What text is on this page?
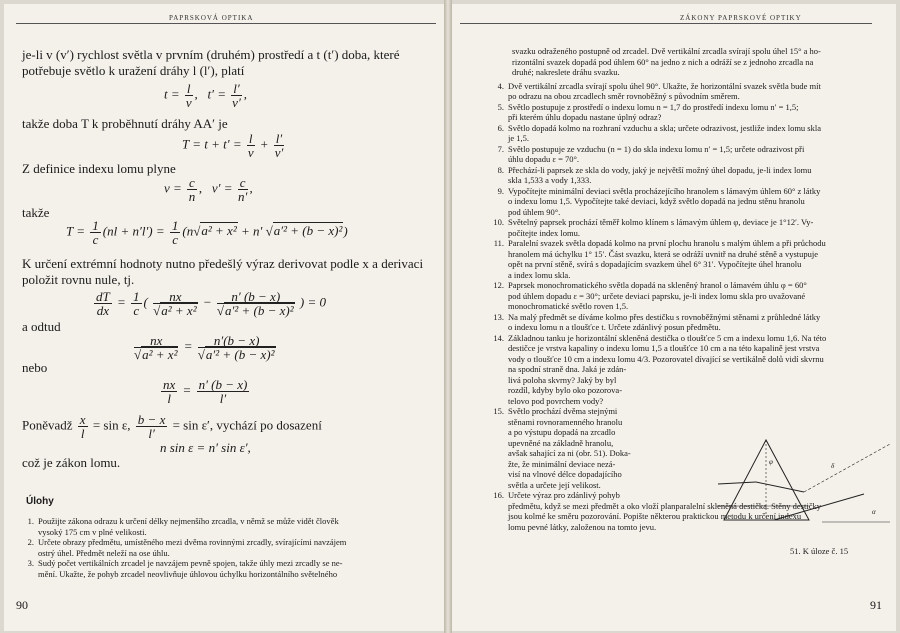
PAPRSKOVÁ OPTIKA
je-li v (v′) rychlost světla v prvním (druhém) prostředí a t (t′) doba, které
potřebuje světlo k uražení dráhy l (l′), platí
$t = \frac{l}{v}$ ,   $t' = \frac{l'}{v'}$ ,
takže doba T k proběhnutí dráhy AA′ je
$T = t + t' = \frac{l}{v} + \frac{l'}{v'}$
Z definice indexu lomu plyne
$v = \frac{c}{n}$ ,   $v' = \frac{c}{n'}$ ,
takže
$T = \frac{1}{c} (nl + n'l') = \frac{1}{c} (n√a^2 + x^2 + n'$ √a′² + (b − x)²)
K určení extrémní hodnoty nutno předešlý výraz derivovat podle x a derivaci
položit rovnu nule, tj.
$\frac{dT}{dx} = \frac{1}{c}$ ( $\frac{nx}{\text{√a² + x²}} - \frac{n' (b - x)}{\text{√a′² + (b − x)²}}$ ) = 0
a odtud
$\frac{nx}{\text{√a² + x²}} = \frac{n'(b - x)}{\text{√a′² + (b − x)²}}$
nebo
$\frac{nx}{l} = \frac{n' (b - x)}{l'}$
Poněvadž $\frac{x}{l} = \sin \varepsilon$, $\frac{b - x}{l'} = \sin \varepsilon'$, vychází po dosazení
n sin ε = n′ sin ε′,
což je zákon lomu.
Úlohy
1. Použijte zákona odrazu k určení délky nejmenšího zrcadla, v němž se může vidět člověk
vysoký 175 cm v plné velikosti.
2. Určete obrazy předmětu, umístěného mezi dvěma rovinnými zrcadly, svírajícími navzájem
ostrý úhel. Předmět neleží na ose úhlu.
3. Sudý počet vertikálních zrcadel je navzájem pevně spojen, takže úhly mezi zrcadly se ne-
mění. Ukažte, že pohyb zrcadel neovlivňuje úhlovou úchylku horizontálního světelného
90
ZÁKONY PAPRSKOVÉ OPTIKY
svazku odraženého postupně od zrcadel. Dvě vertikální zrcadla svírají spolu úhel 15° a ho-
rizontální svazek dopadá pod úhlem 60° na jedno z nich a odráží se z jednoho zrcadla na
druhé; nakreslete dráhu svazku.
4. Dvě vertikální zrcadla svírají spolu úhel 90°. Ukažte, že horizontální svazek světla bude mít
po odrazu na obou zrcadlech směr rovnoběžný s původním směrem.
5. Světlo postupuje z prostředí o indexu lomu n = 1,7 do prostředí indexu lomu n′ = 1,5;
při kterém úhlu dopadu nastane úplný odraz?
6. Světlo dopadá kolmo na rozhraní vzduchu a skla; určete odrazivost, jestliže index lomu skla
je 1,5.
7. Světlo postupuje ze vzduchu (n = 1) do skla indexu lomu n′ = 1,5; určete odrazivost při
úhlu dopadu ε = 70°.
8. Přechází-li paprsek ze skla do vody, jaký je největší možný úhel dopadu, je-li index lomu
skla 1,533 a vody 1,333.
9. Vypočítejte minimální deviaci světla procházejícího hranolem s lámavým úhlem 60° z látky
o indexu lomu 1,5. Vypočítejte také deviaci, když světlo dopadá na jednu stěnu hranolu
pod úhlem 90°.
10. Světelný paprsek prochází těměř kolmo klínem s lámavým úhlem φ, deviace je 1°12′. Vy-
počítejte index lomu.
11. Paralelní svazek světla dopadá kolmo na první plochu hranolu s malým úhlem a při průchodu
hranolem má úchylku 1° 15′. Část svazku, která se odráží uvnitř na druhé stěně a vystupuje
opět na první stěně, svírá s dopadajícím svazkem úhel 6° 31′. Vypočítejte úhel hranolu
a index lomu skla.
12. Paprsek monochromatického světla dopadá na skleněný hranol o lámavém úhlu φ = 60°
pod úhlem dopadu ε = 30°; určete deviaci paprsku, je-li index lomu skla pro uvažované
monochromatické světlo roven 1,5.
13. Na malý předmět se díváme kolmo přes destičku s rovnoběžnými stěnami z průhledné látky
o indexu lomu n a tloušťce t. Určete zdánlivý posun předmětu.
14. Základnou tanku je horizontální skleněná destička o tloušťce 5 cm a indexu lomu 1,6. Na této
destičce je vrstva kapaliny o indexu lomu 1,5 a tloušťce 10 cm a na této kapalině jest vrstva
vody o tloušťce 10 cm a indexu lomu 4/3. Pozorovatel dívající se vertikálně dolů vidí skvrnu
na spodní straně dna. Jaká je zdán-
livá poloha skvrny? Jaký by byl
rozdíl, kdyby bylo oko pozorova-
telovo pod povrchem vody?
15. Světlo prochází dvěma stejnými
stěnami rovnoramenného hranolu
a po výstupu dopadá na zrcadlo
upevněné na základně hranolu,
avšak sahající za ni (obr. 51). Doka-
žte, že minimální deviace nezá-
visí na vlnové délce dopadajícího
světla a určete její velikost.
16. Určete výraz pro zdánlivý pohyb
předmětu, když se mezi předmět a oko vloží planparalelní skleněná destička. Stěny destičky
jsou kolmé ke směru pozorování. Popište některou praktickou metodu k určení indexu
lomu pevné látky, založenou na tomto jevu.
φ	δ
α
51. K úloze č. 15
91
